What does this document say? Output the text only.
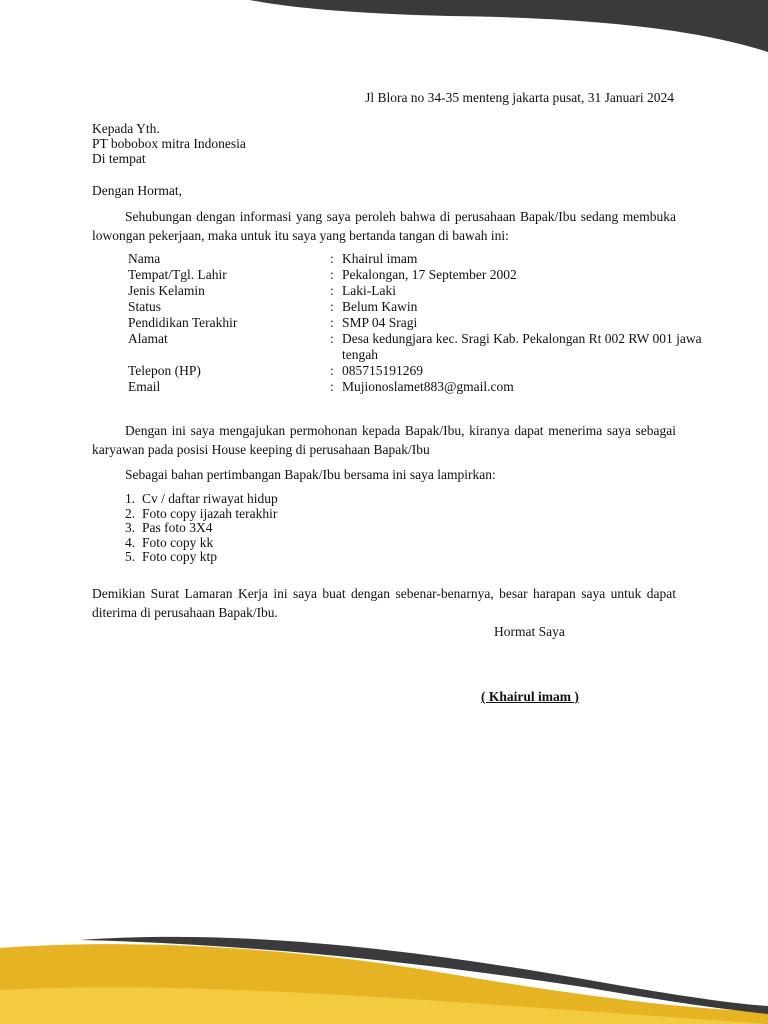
Jl Blora no 34-35 menteng jakarta pusat, 31 Januari 2024
Kepada Yth.
PT bobobox mitra Indonesia
Di tempat
Dengan Hormat,
Sehubungan dengan informasi yang saya peroleh bahwa di perusahaan Bapak/Ibu sedang membuka lowongan pekerjaan, maka untuk itu saya yang bertanda tangan di bawah ini:
Nama	: Khairul imam
Tempat/Tgl. Lahir	: Pekalongan, 17 September 2002
Jenis Kelamin	: Laki-Laki
Status	: Belum Kawin
Pendidikan Terakhir	: SMP 04 Sragi
Alamat	: Desa kedungjara kec. Sragi Kab. Pekalongan Rt 002 RW 001 jawa tengah
Telepon (HP)	: 085715191269
Email	: Mujionoslamet883@gmail.com
Dengan ini saya mengajukan permohonan kepada Bapak/Ibu, kiranya dapat menerima saya sebagai karyawan pada posisi House keeping di perusahaan Bapak/Ibu
Sebagai bahan pertimbangan Bapak/Ibu bersama ini saya lampirkan:
1. Cv / daftar riwayat hidup
2. Foto copy ijazah terakhir
3. Pas foto 3X4
4. Foto copy kk
5. Foto copy ktp
Demikian Surat Lamaran Kerja ini saya buat dengan sebenar-benarnya, besar harapan saya untuk dapat diterima di perusahaan Bapak/Ibu.
Hormat Saya
( Khairul imam )
